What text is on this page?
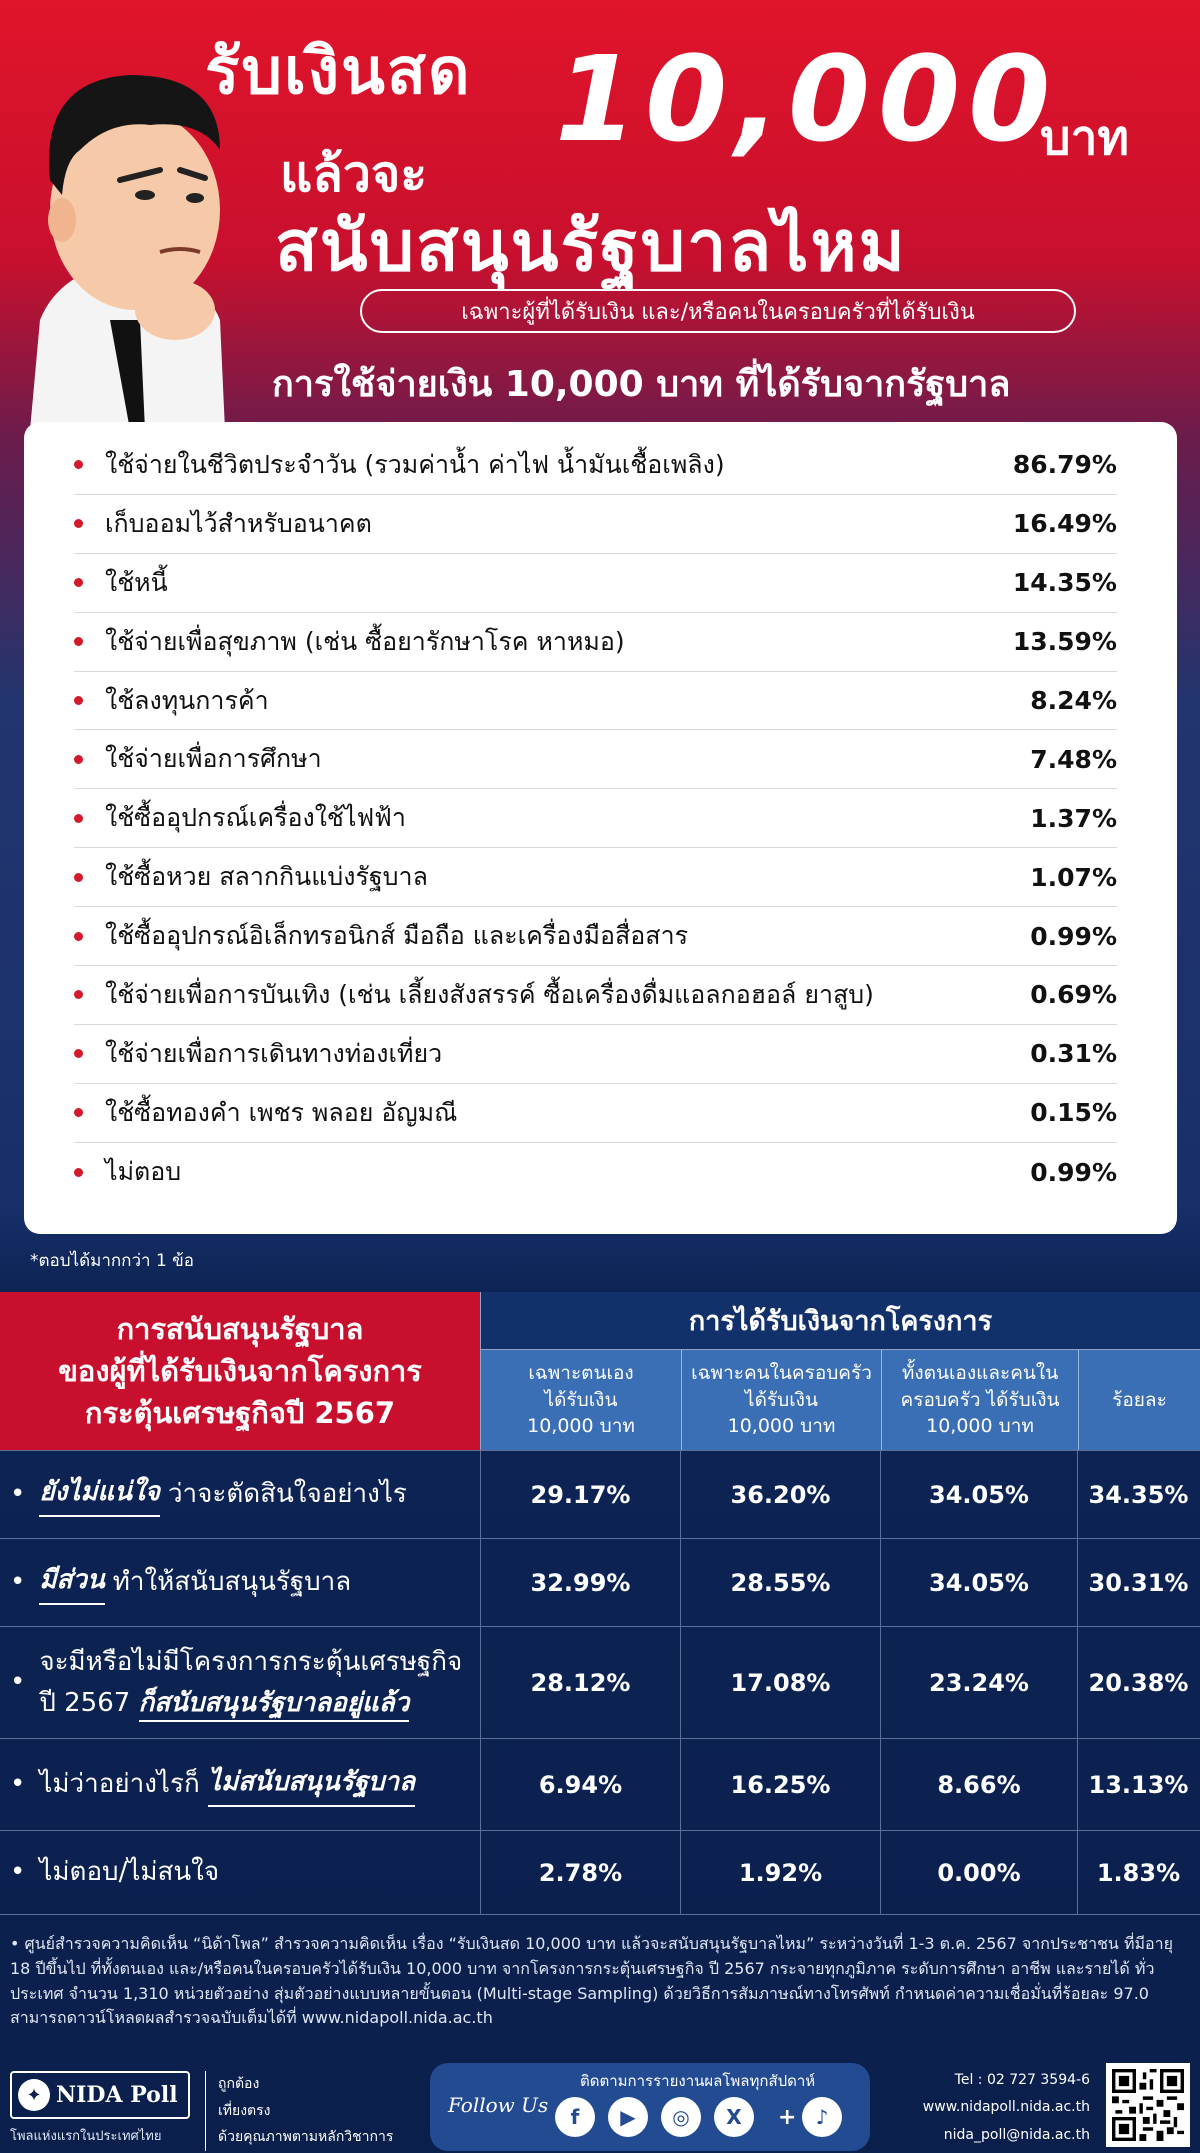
รับเงินสด 10,000
บาท
แล้วจะ
สนับสนุนรัฐบาลไหม
เฉพาะผู้ที่ได้รับเงิน และ/หรือคนในครอบครัวที่ได้รับเงิน
การใช้จ่ายเงิน 10,000 บาท ที่ได้รับจากรัฐบาล
ใช้จ่ายในชีวิตประจำวัน (รวมค่าน้ำ ค่าไฟ น้ำมันเชื้อเพลิง)	86.79%
เก็บออมไว้สำหรับอนาคต	16.49%
ใช้หนี้	14.35%
ใช้จ่ายเพื่อสุขภาพ (เช่น ซื้อยารักษาโรค หาหมอ)	13.59%
ใช้ลงทุนการค้า	8.24%
ใช้จ่ายเพื่อการศึกษา	7.48%
ใช้ซื้ออุปกรณ์เครื่องใช้ไฟฟ้า	1.37%
ใช้ซื้อหวย สลากกินแบ่งรัฐบาล	1.07%
ใช้ซื้ออุปกรณ์อิเล็กทรอนิกส์ มือถือ และเครื่องมือสื่อสาร	0.99%
ใช้จ่ายเพื่อการบันเทิง (เช่น เลี้ยงสังสรรค์ ซื้อเครื่องดื่มแอลกอฮอล์ ยาสูบ)	0.69%
ใช้จ่ายเพื่อการเดินทางท่องเที่ยว	0.31%
ใช้ซื้อทองคำ เพชร พลอย อัญมณี	0.15%
ไม่ตอบ	0.99%
*ตอบได้มากกว่า 1 ข้อ
การสนับสนุนรัฐบาล
ของผู้ที่ได้รับเงินจากโครงการ
กระตุ้นเศรษฐกิจปี 2567
การได้รับเงินจากโครงการ
เฉพาะตนเอง
ได้รับเงิน
10,000 บาท
เฉพาะคนในครอบครัว
ได้รับเงิน
10,000 บาท
ทั้งตนเองและคนใน
ครอบครัว ได้รับเงิน
10,000 บาท
ร้อยละ
• ยังไม่แน่ใจ ว่าจะตัดสินใจอย่างไร	29.17%	36.20%	34.05%	34.35%
• มีส่วน ทำให้สนับสนุนรัฐบาล	32.99%	28.55%	34.05%	30.31%
•
จะมีหรือไม่มีโครงการกระตุ้นเศรษฐกิจ
ปี 2567 ก็สนับสนุนรัฐบาลอยู่แล้ว
28.12%	17.08%	23.24%	20.38%
• ไม่ว่าอย่างไรก็
ไม่สนับสนุนรัฐบาล	6.94%	16.25%	8.66%	13.13%
• ไม่ตอบ/ไม่สนใจ	2.78%	1.92%	0.00%	1.83%
• ศูนย์สำรวจความคิดเห็น “นิด้าโพล” สำรวจความคิดเห็น เรื่อง “รับเงินสด 10,000 บาท แล้วจะสนับสนุนรัฐบาลไหม” ระหว่างวันที่ 1-3 ต.ค. 2567 จากประชาชน ที่มีอายุ 18 ปีขึ้นไป ที่ทั้งตนเอง และ/หรือคนในครอบครัวได้รับเงิน 10,000 บาท จากโครงการกระตุ้นเศรษฐกิจ ปี 2567 กระจายทุกภูมิภาค ระดับการศึกษา อาชีพ และรายได้ ทั่วประเทศ จำนวน 1,310 หน่วยตัวอย่าง สุ่มตัวอย่างแบบหลายขั้นตอน (Multi-stage Sampling) ด้วยวิธีการสัมภาษณ์ทางโทรศัพท์ กำหนดค่าความเชื่อมั่นที่ร้อยละ 97.0 สามารถดาวน์โหลดผลสำรวจฉบับเต็มได้ที่ www.nidapoll.nida.ac.th
✦ NIDA Poll
โพลแห่งแรกในประเทศไทย
ถูกต้อง
เที่ยงตรง
ด้วยคุณภาพตามหลักวิชาการ
ติดตามการรายงานผลโพลทุกสัปดาห์
Follow Us	f	▶	◎	X	+ ♪
Tel : 02 727 3594-6
www.nidapoll.nida.ac.th
nida_poll@nida.ac.th
